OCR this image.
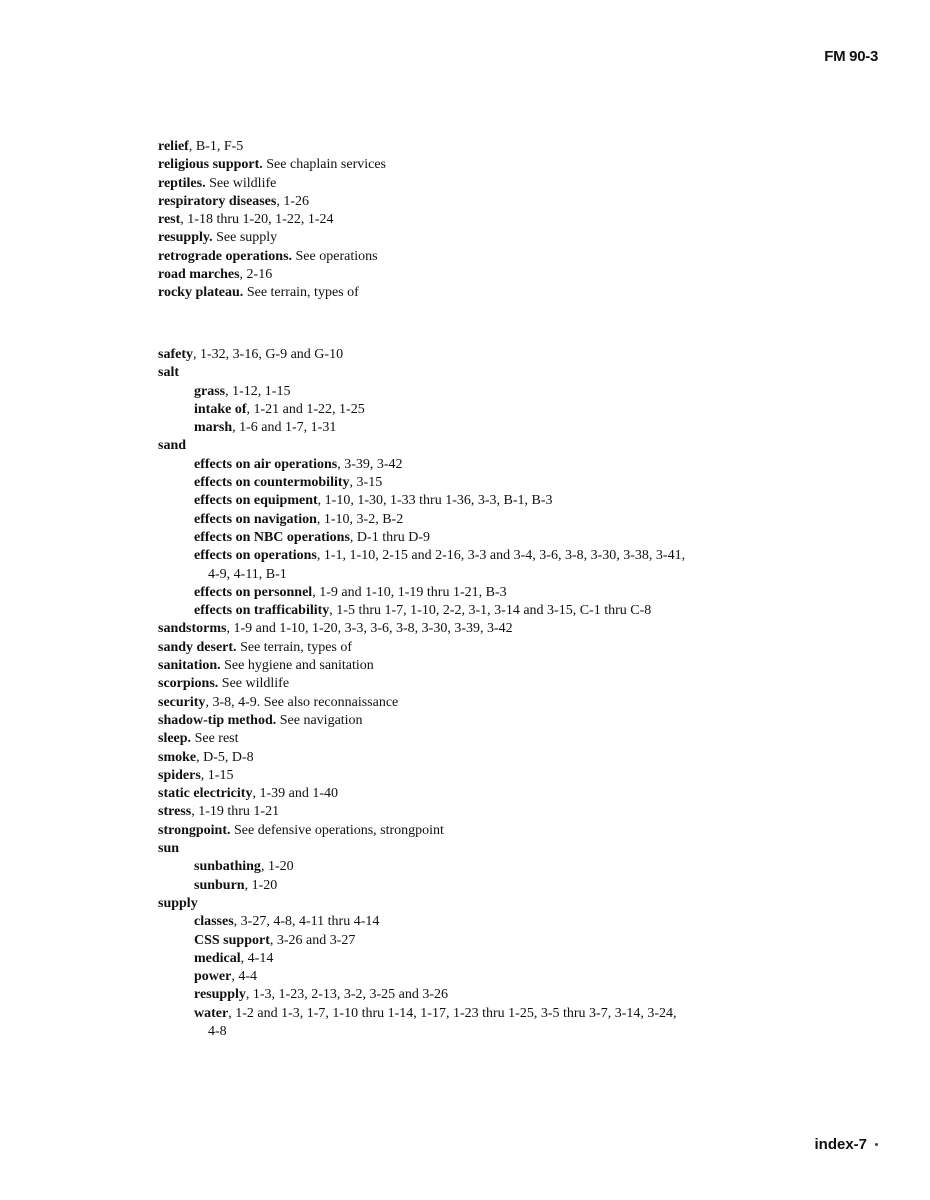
FM 90-3
relief, B-1, F-5
religious support. See chaplain services
reptiles. See wildlife
respiratory diseases, 1-26
rest, 1-18 thru 1-20, 1-22, 1-24
resupply. See supply
retrograde operations. See operations
road marches, 2-16
rocky plateau. See terrain, types of
safety, 1-32, 3-16, G-9 and G-10
salt
grass, 1-12, 1-15
intake of, 1-21 and 1-22, 1-25
marsh, 1-6 and 1-7, 1-31
sand
effects on air operations, 3-39, 3-42
effects on countermobility, 3-15
effects on equipment, 1-10, 1-30, 1-33 thru 1-36, 3-3, B-1, B-3
effects on navigation, 1-10, 3-2, B-2
effects on NBC operations, D-1 thru D-9
effects on operations, 1-1, 1-10, 2-15 and 2-16, 3-3 and 3-4, 3-6, 3-8, 3-30, 3-38, 3-41, 4-9, 4-11, B-1
effects on personnel, 1-9 and 1-10, 1-19 thru 1-21, B-3
effects on trafficability, 1-5 thru 1-7, 1-10, 2-2, 3-1, 3-14 and 3-15, C-1 thru C-8
sandstorms, 1-9 and 1-10, 1-20, 3-3, 3-6, 3-8, 3-30, 3-39, 3-42
sandy desert. See terrain, types of
sanitation. See hygiene and sanitation
scorpions. See wildlife
security, 3-8, 4-9. See also reconnaissance
shadow-tip method. See navigation
sleep. See rest
smoke, D-5, D-8
spiders, 1-15
static electricity, 1-39 and 1-40
stress, 1-19 thru 1-21
strongpoint. See defensive operations, strongpoint
sun
sunbathing, 1-20
sunburn, 1-20
supply
classes, 3-27, 4-8, 4-11 thru 4-14
CSS support, 3-26 and 3-27
medical, 4-14
power, 4-4
resupply, 1-3, 1-23, 2-13, 3-2, 3-25 and 3-26
water, 1-2 and 1-3, 1-7, 1-10 thru 1-14, 1-17, 1-23 thru 1-25, 3-5 thru 3-7, 3-14, 3-24, 4-8
index-7
